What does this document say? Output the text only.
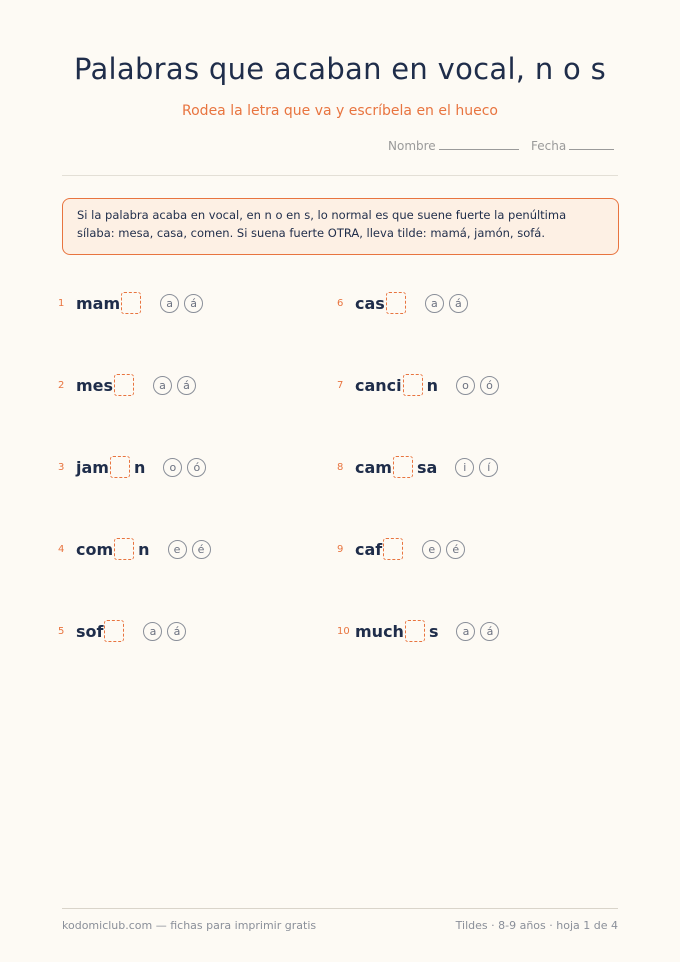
Palabras que acaban en vocal, n o s
Rodea la letra que va y escríbela en el hueco
Nombre	Fecha
Si la palabra acaba en vocal, en n o en s, lo normal es que suene fuerte la penúltima sílaba: mesa, casa, comen. Si suena fuerte OTRA, lleva tilde: mamá, jamón, sofá.
1 mam	a	á
2 mes	a	á
3 jam n	o	ó
4 com n	e	é
5 sof	a	á
6 cas	a	á
7 canci n	o	ó
8 cam sa	i	í
9 caf	e	é
10 much s	a	á
kodomiclub.com — fichas para imprimir gratis	Tildes · 8-9 años · hoja 1 de 4
